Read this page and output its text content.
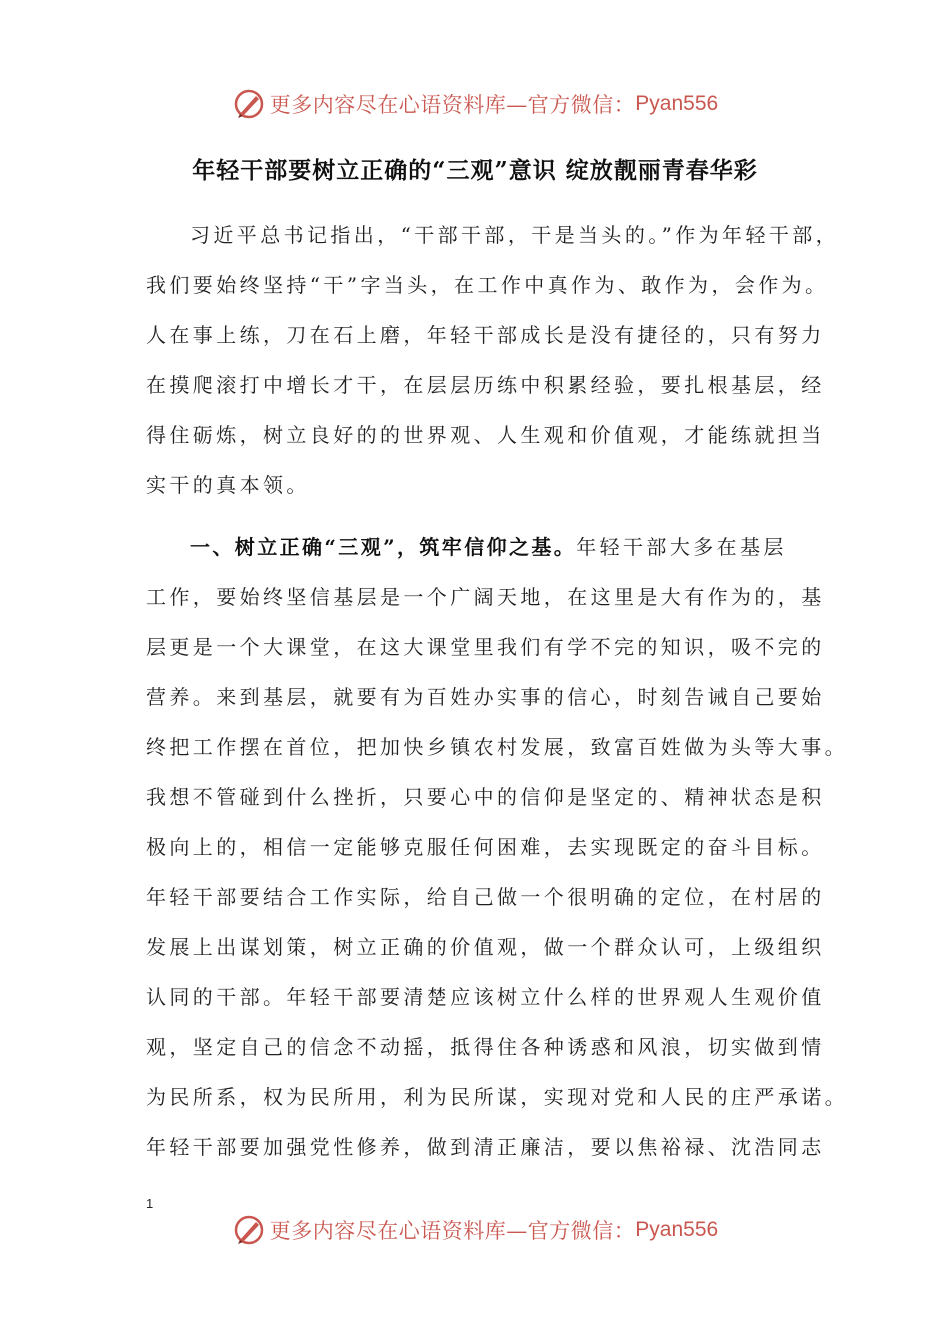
更多内容尽在心语资料库—官方微信： Pyan556
年轻干部要树立正确的“三观”意识 绽放靓丽青春华彩
习近平总书记指出，“干部干部，干是当头的。”作为年轻干部，
我们要始终坚持“干”字当头，在工作中真作为、敢作为，会作为。
人在事上练，刀在石上磨，年轻干部成长是没有捷径的，只有努力
在摸爬滚打中增长才干，在层层历练中积累经验，要扎根基层，经
得住砺炼，树立良好的的世界观、人生观和价值观，才能练就担当
实干的真本领。
一、树立正确“三观”，筑牢信仰之基。年轻干部大多在基层
工作，要始终坚信基层是一个广阔天地，在这里是大有作为的，基
层更是一个大课堂，在这大课堂里我们有学不完的知识，吸不完的
营养。来到基层，就要有为百姓办实事的信心，时刻告诫自己要始
终把工作摆在首位，把加快乡镇农村发展，致富百姓做为头等大事。
我想不管碰到什么挫折，只要心中的信仰是坚定的、精神状态是积
极向上的，相信一定能够克服任何困难，去实现既定的奋斗目标。
年轻干部要结合工作实际，给自己做一个很明确的定位，在村居的
发展上出谋划策，树立正确的价值观，做一个群众认可，上级组织
认同的干部。年轻干部要清楚应该树立什么样的世界观人生观价值
观，坚定自己的信念不动摇，抵得住各种诱惑和风浪，切实做到情
为民所系，权为民所用，利为民所谋，实现对党和人民的庄严承诺。
年轻干部要加强党性修养，做到清正廉洁，要以焦裕禄、沈浩同志
1
更多内容尽在心语资料库—官方微信： Pyan556
